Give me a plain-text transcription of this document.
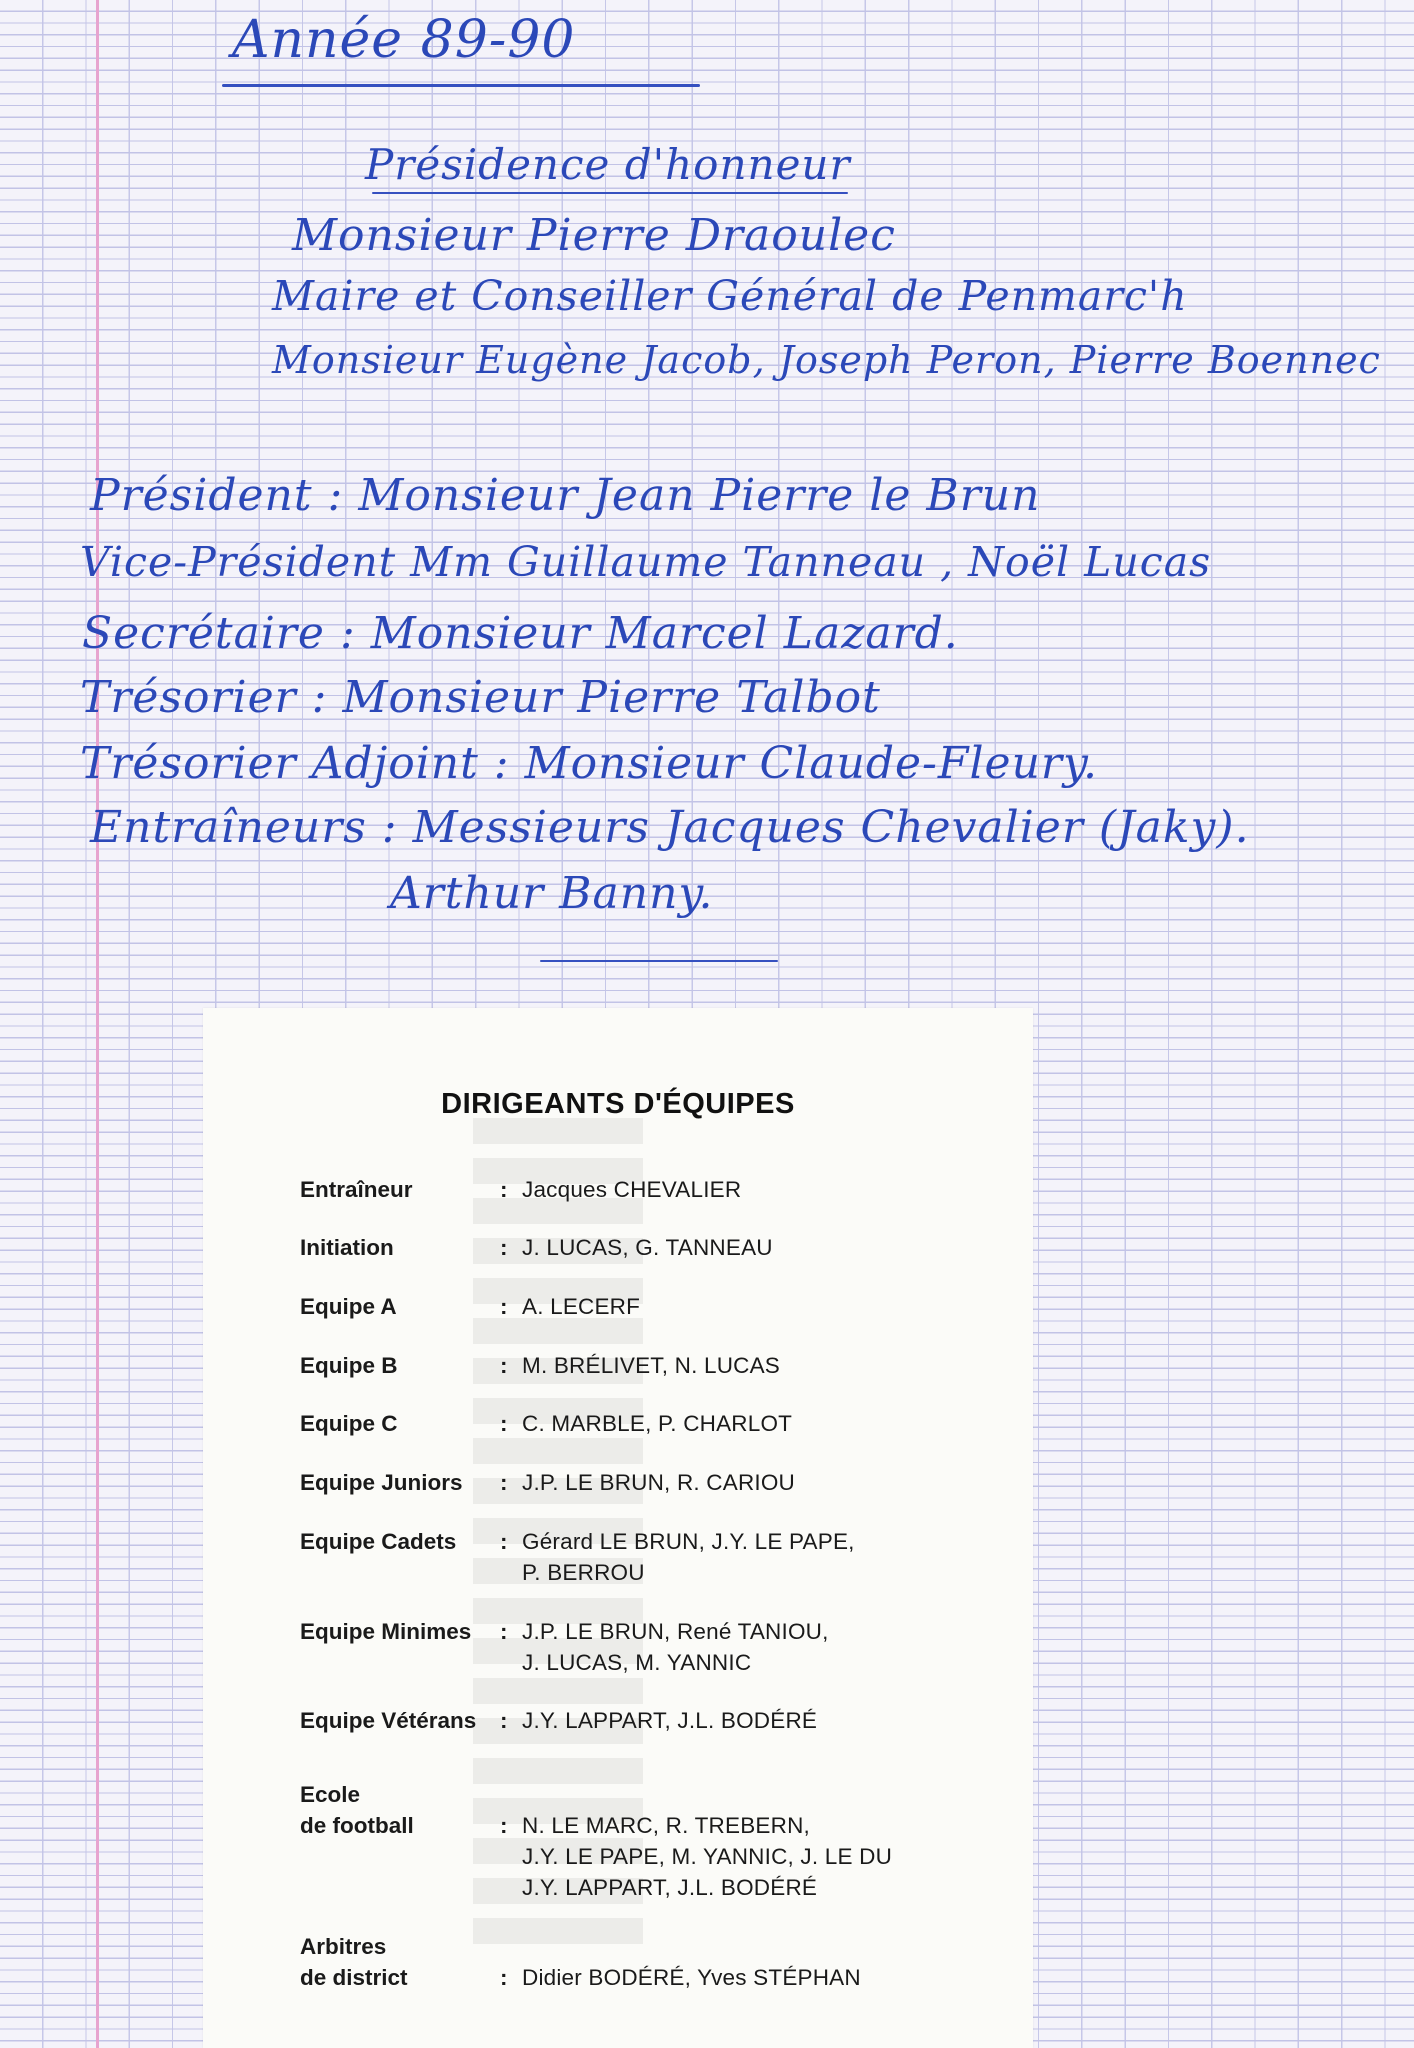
Année 89-90
Présidence d'honneur
Monsieur Pierre Draoulec
Maire et Conseiller Général de Penmarc'h
Monsieur Eugène Jacob, Joseph Peron, Pierre Boennec
Président : Monsieur Jean Pierre le Brun
Vice-Président Mm Guillaume Tanneau , Noël Lucas
Secrétaire : Monsieur Marcel Lazard.
Trésorier : Monsieur Pierre Talbot
Trésorier Adjoint : Monsieur Claude-Fleury.
Entraîneurs : Messieurs Jacques Chevalier (Jaky).
Arthur Banny.
DIRIGEANTS D'ÉQUIPES
Entraîneur	: Jacques CHEVALIER
Initiation	: J. LUCAS, G. TANNEAU
Equipe A	: A. LECERF
Equipe B	: M. BRÉLIVET, N. LUCAS
Equipe C	: C. MARBLE, P. CHARLOT
Equipe Juniors	: J.P. LE BRUN, R. CARIOU
Equipe Cadets	: Gérard LE BRUN, J.Y. LE PAPE,
P. BERROU
Equipe Minimes	: J.P. LE BRUN, René TANIOU,
J. LUCAS, M. YANNIC
Equipe Vétérans	: J.Y. LAPPART, J.L. BODÉRÉ
Ecole
de football	:
N. LE MARC, R. TREBERN,
J.Y. LE PAPE, M. YANNIC, J. LE DU
J.Y. LAPPART, J.L. BODÉRÉ
Arbitres
de district	:
Didier BODÉRÉ, Yves STÉPHAN
